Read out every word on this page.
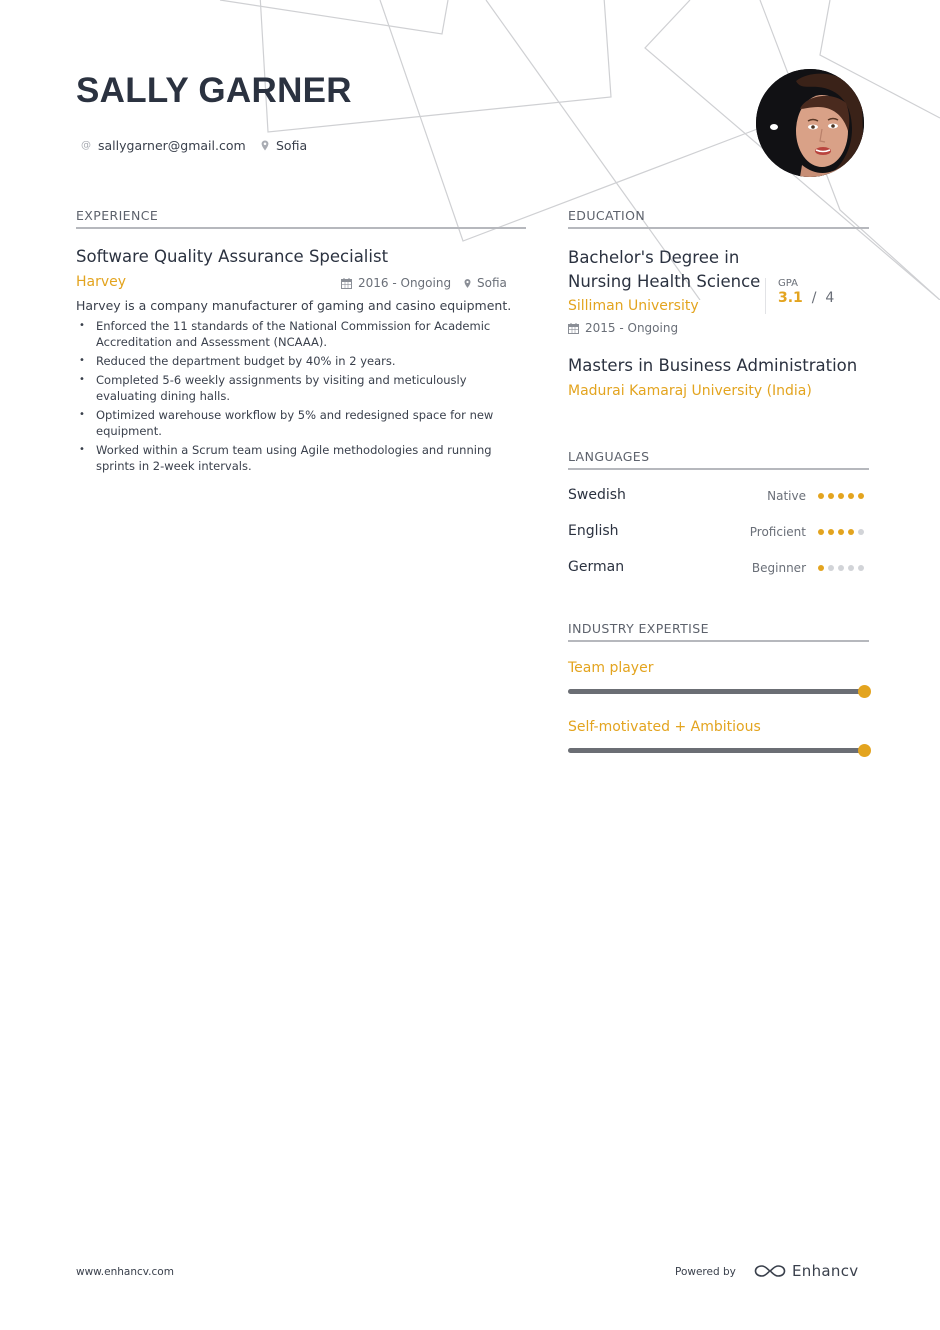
SALLY GARNER
@ sallygarner@gmail.com Sofia
EXPERIENCE
Software Quality Assurance Specialist
Harvey	2016 - Ongoing Sofia
Harvey is a company manufacturer of gaming and casino equipment.
• Enforced the 11 standards of the National Commission for Academic Accreditation and Assessment (NCAAA).
• Reduced the department budget by 40% in 2 years.
• Completed 5-6 weekly assignments by visiting and meticulously evaluating dining halls.
• Optimized warehouse workflow by 5% and redesigned space for new equipment.
• Worked within a Scrum team using Agile methodologies and running sprints in 2-week intervals.
EDUCATION
Bachelor's Degree in Nursing Health Science
Silliman University
2015 - Ongoing
GPA
3.1  /  4
Masters in Business Administration
Madurai Kamaraj University (India)
LANGUAGES
Swedish	Native
English	Proficient
German	Beginner
INDUSTRY EXPERTISE
Team player
Self-motivated + Ambitious
www.enhancv.com	Powered by	Enhancv
